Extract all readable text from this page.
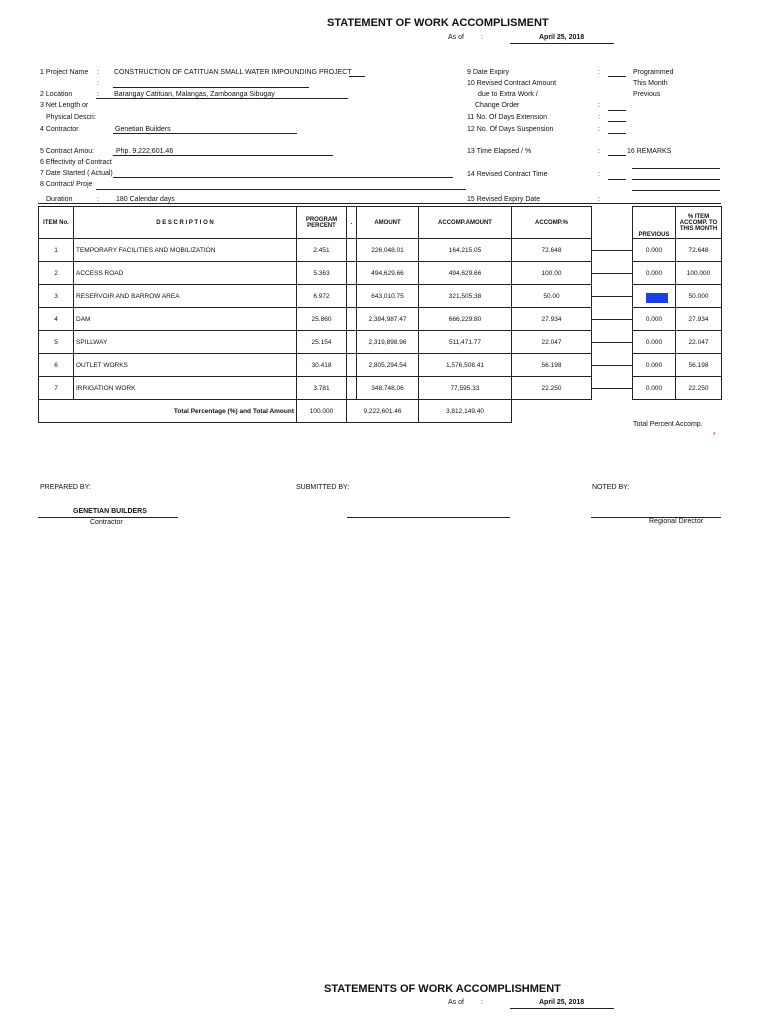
STATEMENT OF WORK ACCOMPLISMENT
As of :	April 25, 2018
1 Project Name : CONSTRUCTION OF CATITUAN SMALL WATER IMPOUNDING PROJECT
:
2 Location	: Barangay Catituan, Malangas, Zamboanga Sibugay
3 Net Length or
Physical Descri:
4 Contractor	Genetian Builders
5 Contract Amou:	Php. 9,222,601.46
6 Effectivity of Contract
7 Date Started ( Actual)
8 Contract/ Proje
Duration	: 180 Calendar days
9 Date Expiry	:	Programmed
10 Revised Contract Amount	This Month
due to Extra Work /	Previous
Change Order	:
11 No. Of Days Extension	:
12 No. Of Days Suspension	:
13 Time Elapsed / %	:	16 REMARKS
14 Revised Contract Time	:
15 Revised Expiry Date	:
ITEM No.	D E S C R I P T I O N	PROGRAM PERCENT	.	AMOUNT	ACCOMP.AMOUNT	ACCOMP.%		PREVIOUS	% ITEM
ACCOMP. TO THIS MONTH

1	TEMPORARY FACILITIES AND MOBILIZATION	2.451		226,048.01	164,215.05	72.648		0.000	72.648
2	ACCESS ROAD	5.363		494,629.66	494,629.66	100.00		0.000	100.000
3	RESERVOIR AND BARROW AREA	6.972		643,010.75	321,505.38	50.00			50.000
4	DAM	25.860		2,384,987.47	666,229.80	27.934		0.000	27.934
5	SPILLWAY	25.154		2,319,898.96	511,471.77	22.047		0.000	22.047
6	OUTLET WORKS	30.418		2,805,294.54	1,576,508.41	56.198		0.000	56.198
7	IRRIGATION WORK	3.781		348,748.06	77,595.33	22.250		0.000	22.250
Total Percentage (%) and Total Amount		100.000	9,222,601.46		3,812,149.40				
Total Percent Accomp.
*
PREPARED BY:	SUBMITTED BY:	NOTED BY:
GENETIAN BUILDERS
Contractor	Regional Director
STATEMENTS OF WORK ACCOMPLISHMENT
As of :	April 25, 2018
